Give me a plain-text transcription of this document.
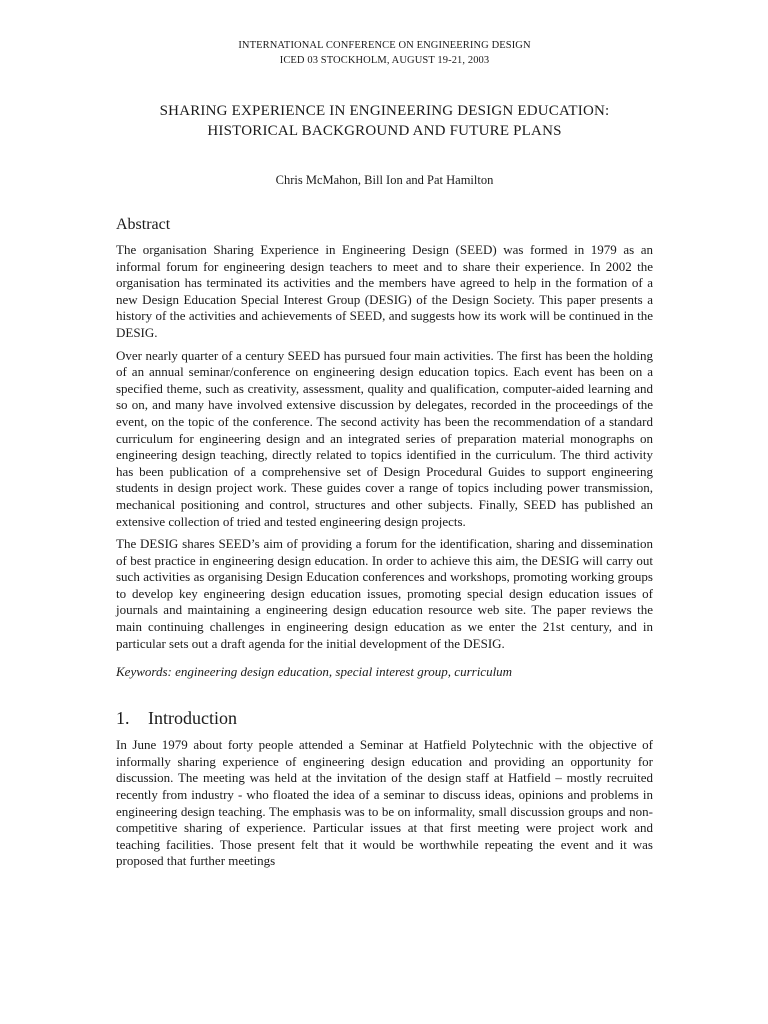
INTERNATIONAL CONFERENCE ON ENGINEERING DESIGN
ICED 03 STOCKHOLM, AUGUST 19-21, 2003
SHARING EXPERIENCE IN ENGINEERING DESIGN EDUCATION:
HISTORICAL BACKGROUND AND FUTURE PLANS
Chris McMahon, Bill Ion and Pat Hamilton
Abstract

The organisation Sharing Experience in Engineering Design (SEED) was formed in 1979 as an informal forum for engineering design teachers to meet and to share their experience. In 2002 the organisation has terminated its activities and the members have agreed to help in the formation of a new Design Education Special Interest Group (DESIG) of the Design Society. This paper presents a history of the activities and achievements of SEED, and suggests how its work will be continued in the DESIG.

Over nearly quarter of a century SEED has pursued four main activities. The first has been the holding of an annual seminar/conference on engineering design education topics. Each event has been on a specified theme, such as creativity, assessment, quality and qualification, computer-aided learning and so on, and many have involved extensive discussion by delegates, recorded in the proceedings of the event, on the topic of the conference. The second activity has been the recommendation of a standard curriculum for engineering design and an integrated series of preparation material monographs on engineering design teaching, directly related to topics identified in the curriculum. The third activity has been publication of a comprehensive set of Design Procedural Guides to support engineering students in design project work. These guides cover a range of topics including power transmission, mechanical positioning and control, structures and other subjects. Finally, SEED has published an extensive collection of tried and tested engineering design projects.

The DESIG shares SEED’s aim of providing a forum for the identification, sharing and dissemination of best practice in engineering design education. In order to achieve this aim, the DESIG will carry out such activities as organising Design Education conferences and workshops, promoting working groups to develop key engineering design education issues, promoting special design education issues of journals and maintaining a engineering design education resource web site. The paper reviews the main continuing challenges in engineering design education as we enter the 21st century, and in particular sets out a draft agenda for the initial development of the DESIG.

Keywords: engineering design education, special interest group, curriculum
1. Introduction

In June 1979 about forty people attended a Seminar at Hatfield Polytechnic with the objective of informally sharing experience of engineering design education and providing an opportunity for discussion. The meeting was held at the invitation of the design staff at Hatfield – mostly recruited recently from industry - who floated the idea of a seminar to discuss ideas, opinions and problems in engineering design teaching. The emphasis was to be on informality, small discussion groups and non-competitive sharing of experience. Particular issues at that first meeting were project work and teaching facilities. Those present felt that it would be worthwhile repeating the event and it was proposed that further meetings
